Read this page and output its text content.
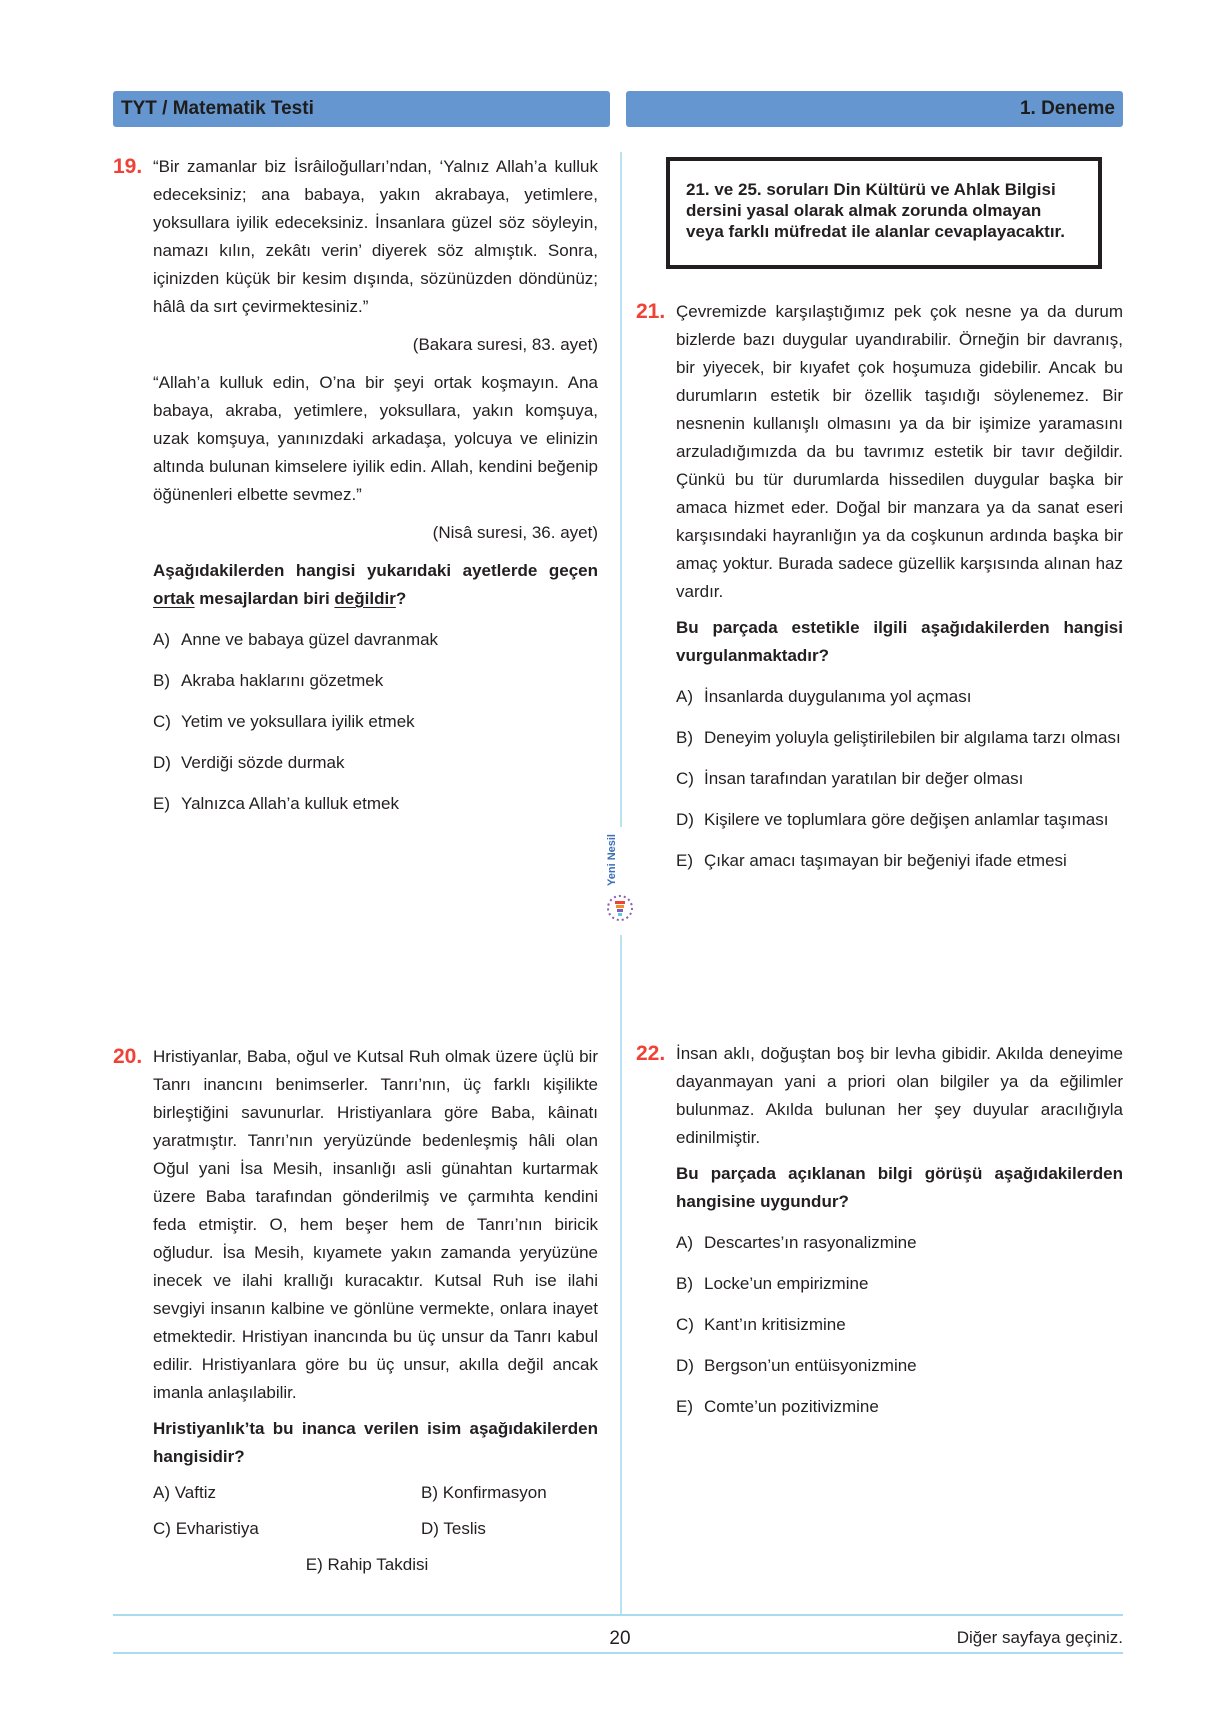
TYT / Matematik Testi	1. Deneme
19. “Bir zamanlar biz İsrâiloğulları’ndan, ‘Yalnız Allah’a kulluk edeceksiniz; ana babaya, yakın akrabaya, yetimlere, yoksullara iyilik edeceksiniz. İnsanlara güzel söz söyleyin, namazı kılın, zekâtı verin’ diyerek söz almıştık. Sonra, içinizden küçük bir kesim dışında, sözünüzden döndünüz; hâlâ da sırt çevirmektesiniz.”

(Bakara suresi, 83. ayet)

“Allah’a kulluk edin, O’na bir şeyi ortak koşmayın. Ana babaya, akraba, yetimlere, yoksullara, yakın komşuya, uzak komşuya, yanınızdaki arkadaşa, yolcuya ve elinizin altında bulunan kimselere iyilik edin. Allah, kendini beğenip öğünenleri elbette sevmez.”

(Nisâ suresi, 36. ayet)

Aşağıdakilerden hangisi yukarıdaki ayetlerde geçen ortak mesajlardan biri değildir?

A) Anne ve babaya güzel davranmak
B) Akraba haklarını gözetmek
C) Yetim ve yoksullara iyilik etmek
D) Verdiği sözde durmak
E) Yalnızca Allah’a kulluk etmek
21. ve 25. soruları Din Kültürü ve Ahlak Bilgisi dersini yasal olarak almak zorunda olmayan veya farklı müfredat ile alanlar cevaplayacaktır.
21. Çevremizde karşılaştığımız pek çok nesne ya da durum bizlerde bazı duygular uyandırabilir. Örneğin bir davranış, bir yiyecek, bir kıyafet çok hoşumuza gidebilir. Ancak bu durumların estetik bir özellik taşıdığı söylenemez. Bir nesnenin kullanışlı olmasını ya da bir işimize yaramasını arzuladığımızda da bu tavrımız estetik bir tavır değildir. Çünkü bu tür durumlarda hissedilen duygular başka bir amaca hizmet eder. Doğal bir manzara ya da sanat eseri karşısındaki hayranlığın ya da coşkunun ardında başka bir amaç yoktur. Burada sadece güzellik karşısında alınan haz vardır.

Bu parçada estetikle ilgili aşağıdakilerden hangisi vurgulanmaktadır?

A) İnsanlarda duygulanıma yol açması
B) Deneyim yoluyla geliştirilebilen bir algılama tarzı olması
C) İnsan tarafından yaratılan bir değer olması
D) Kişilere ve toplumlara göre değişen anlamlar taşıması
E) Çıkar amacı taşımayan bir beğeniyi ifade etmesi
Yeni Nesil
20. Hristiyanlar, Baba, oğul ve Kutsal Ruh olmak üzere üçlü bir Tanrı inancını benimserler. Tanrı’nın, üç farklı kişilikte birleştiğini savunurlar. Hristiyanlara göre Baba, kâinatı yaratmıştır. Tanrı’nın yeryüzünde bedenleşmiş hâli olan Oğul yani İsa Mesih, insanlığı asli günahtan kurtarmak üzere Baba tarafından gönderilmiş ve çarmıhta kendini feda etmiştir. O, hem beşer hem de Tanrı’nın biricik oğludur. İsa Mesih, kıyamete yakın zamanda yeryüzüne inecek ve ilahi krallığı kuracaktır. Kutsal Ruh ise ilahi sevgiyi insanın kalbine ve gönlüne vermekte, onlara inayet etmektedir. Hristiyan inancında bu üç unsur da Tanrı kabul edilir. Hristiyanlara göre bu üç unsur, akılla değil ancak imanla anlaşılabilir.

Hristiyanlık’ta bu inanca verilen isim aşağıdakilerden hangisidir?

A) Vaftiz	B) Konfirmasyon
C) Evharistiya	D) Teslis
E) Rahip Takdisi
22. İnsan aklı, doğuştan boş bir levha gibidir. Akılda deneyime dayanmayan yani a priori olan bilgiler ya da eğilimler bulunmaz. Akılda bulunan her şey duyular aracılığıyla edinilmiştir.

Bu parçada açıklanan bilgi görüşü aşağıdakilerden hangisine uygundur?

A) Descartes’ın rasyonalizmine
B) Locke’un empirizmine
C) Kant’ın kritisizmine
D) Bergson’un entüisyonizmine
E) Comte’un pozitivizmine
20	Diğer sayfaya geçiniz.
